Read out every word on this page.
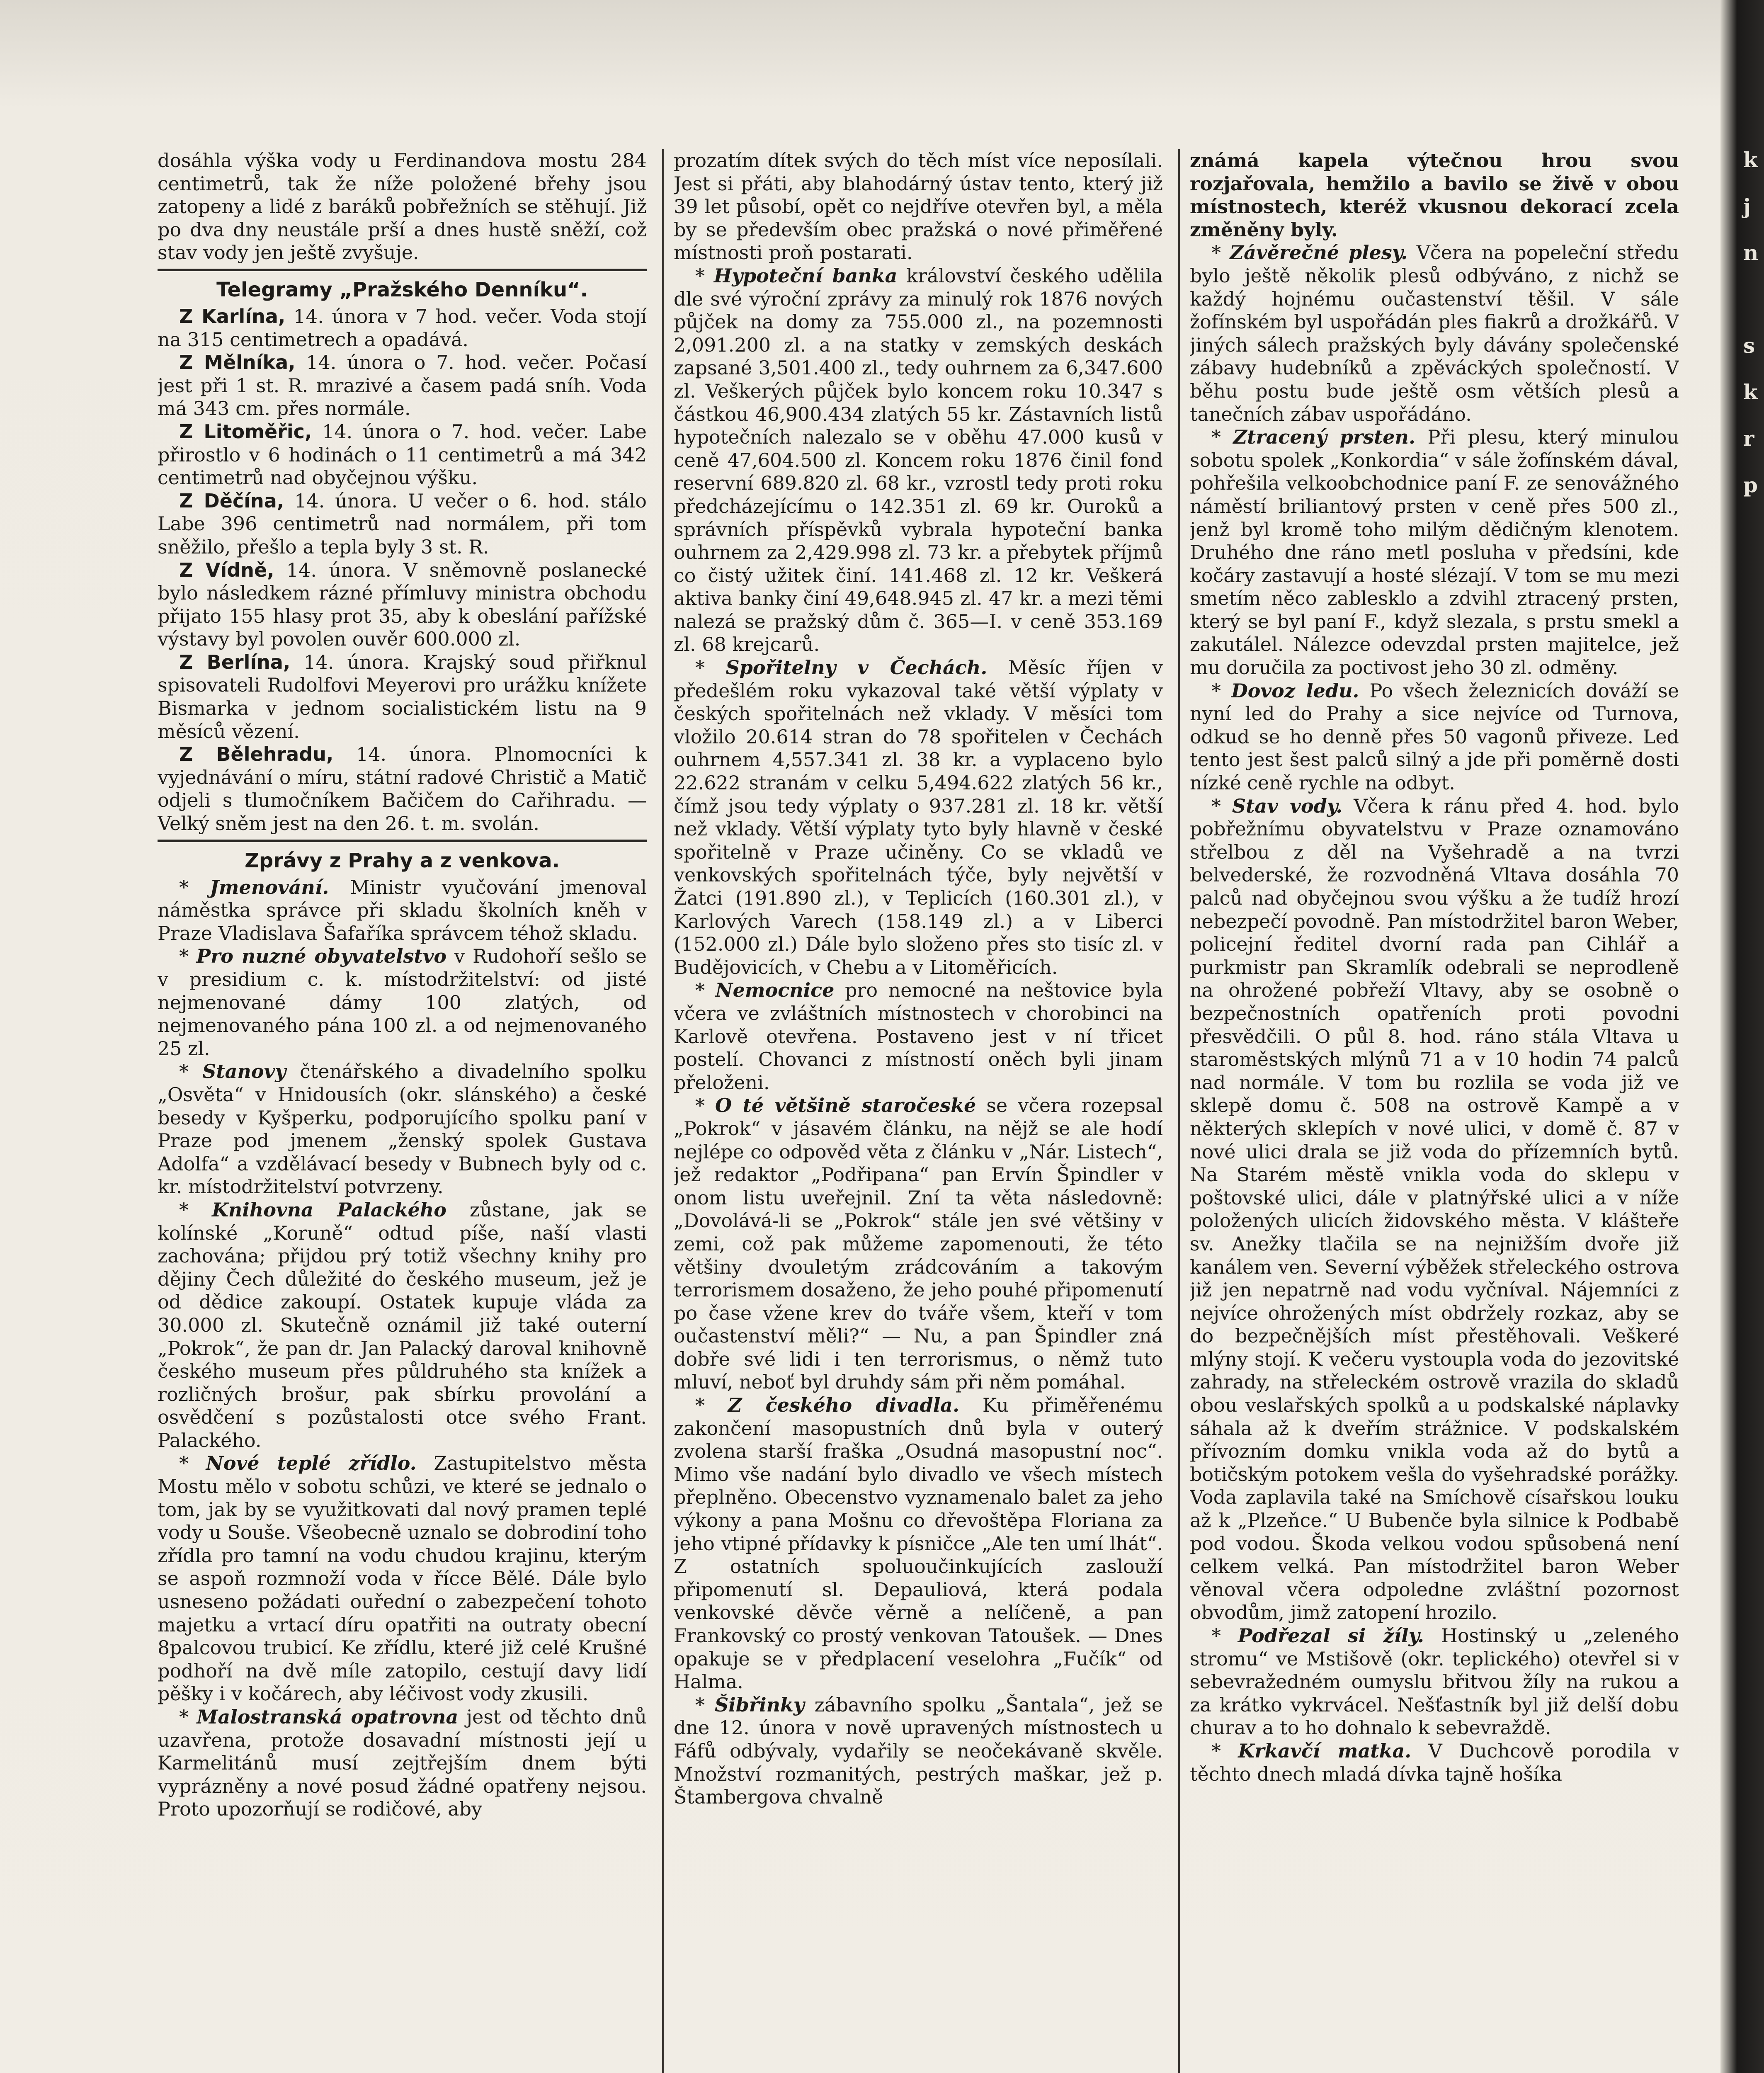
k
j
n
s
k
r
p

dosáhla výška vody u Ferdinandova mostu 284 centimetrů, tak že níže položené břehy jsou zatopeny a lidé z baráků pobřežních se stěhují. Již po dva dny neustále prší a dnes hustě sněží, což stav vody jen ještě zvyšuje.

Telegramy „Pražského Denníku“.

Z Karlína, 14. února v 7 hod. večer. Voda stojí na 315 centimetrech a opadává.

Z Mělníka, 14. února o 7. hod. večer. Počasí jest při 1 st. R. mrazivé a časem padá sníh. Voda má 343 cm. přes normále.

Z Litoměřic, 14. února o 7. hod. večer. Labe přirostlo v 6 hodinách o 11 centimetrů a má 342 centimetrů nad obyčejnou výšku.

Z Děčína, 14. února. U večer o 6. hod. stálo Labe 396 centimetrů nad normálem, při tom sněžilo, přešlo a tepla byly 3 st. R.

Z Vídně, 14. února. V sněmovně poslanecké bylo následkem rázné přímluvy ministra obchodu přijato 155 hlasy prot 35, aby k obeslání pařížské výstavy byl povolen ouvěr 600.000 zl.

Z Berlína, 14. února. Krajský soud přiřknul spisovateli Rudolfovi Meyerovi pro urážku knížete Bismarka v jednom socialistickém listu na 9 měsíců vězení.

Z Bělehradu, 14. února. Plnomocníci k vyjednávání o míru, státní radové Christič a Matič odjeli s tlumočníkem Bačičem do Cařihradu. — Velký sněm jest na den 26. t. m. svolán.

Zprávy z Prahy a z venkova.

* Jmenování. Ministr vyučování jmenoval náměstka správce při skladu školních kněh v Praze Vladislava Šafaříka správcem téhož skladu.

* Pro nuzné obyvatelstvo v Rudohoří sešlo se v presidium c. k. místodržitelství: od jisté nejmenované dámy 100 zlatých, od nejmenovaného pána 100 zl. a od nejmenovaného 25 zl.

* Stanovy čtenářského a divadelního spolku „Osvěta“ v Hnidousích (okr. slánského) a české besedy v Kyšperku, podporujícího spolku paní v Praze pod jmenem „ženský spolek Gustava Adolfa“ a vzdělávací besedy v Bubnech byly od c. kr. místodržitelství potvrzeny.

* Knihovna Palackého zůstane, jak se kolínské „Koruně“ odtud píše, naší vlasti zachována; přijdou prý totiž všechny knihy pro dějiny Čech důležité do českého museum, jež je od dědice zakoupí. Ostatek kupuje vláda za 30.000 zl. Skutečně oznámil již také outerní „Pokrok“, že pan dr. Jan Palacký daroval knihovně českého museum přes půldruhého sta knížek a rozličných brošur, pak sbírku provolání a osvědčení s pozůstalosti otce svého Frant. Palackého.

* Nové teplé zřídlo. Zastupitelstvo města Mostu mělo v sobotu schůzi, ve které se jednalo o tom, jak by se využitkovati dal nový pramen teplé vody u Souše. Všeobecně uznalo se dobrodiní toho zřídla pro tamní na vodu chudou krajinu, kterým se aspoň rozmnoží voda v řícce Bělé. Dále bylo usneseno požádati ouřední o zabezpečení tohoto majetku a vrtací díru opatřiti na outraty obecní 8palcovou trubicí. Ke zřídlu, které již celé Krušné podhoří na dvě míle zatopilo, cestují davy lidí pěšky i v kočárech, aby léčivost vody zkusili.

* Malostranská opatrovna jest od těchto dnů uzavřena, protože dosavadní místnosti její u Karmelitánů musí zejtřejším dnem býti vyprázněny a nové posud žádné opatřeny nejsou. Proto upozorňují se rodičové, aby

prozatím dítek svých do těch míst více neposílali. Jest si přáti, aby blahodárný ústav tento, který již 39 let působí, opět co nejdříve otevřen byl, a měla by se především obec pražská o nové přiměřené místnosti proň postarati.

* Hypoteční banka království českého udělila dle své výroční zprávy za minulý rok 1876 nových půjček na domy za 755.000 zl., na pozemnosti 2,091.200 zl. a na statky v zemských deskách zapsané 3,501.400 zl., tedy ouhrnem za 6,347.600 zl. Veškerých půjček bylo koncem roku 10.347 s částkou 46,900.434 zlatých 55 kr. Zástavních listů hypotečních nalezalo se v oběhu 47.000 kusů v ceně 47,604.500 zl. Koncem roku 1876 činil fond reservní 689.820 zl. 68 kr., vzrostl tedy proti roku předcházejícímu o 142.351 zl. 69 kr. Ouroků a správních příspěvků vybrala hypoteční banka ouhrnem za 2,429.998 zl. 73 kr. a přebytek příjmů co čistý užitek činí. 141.468 zl. 12 kr. Veškerá aktiva banky činí 49,648.945 zl. 47 kr. a mezi těmi nalezá se pražský dům č. 365—I. v ceně 353.169 zl. 68 krejcarů.

* Spořitelny v Čechách. Měsíc říjen v předešlém roku vykazoval také větší výplaty v českých spořitelnách než vklady. V měsíci tom vložilo 20.614 stran do 78 spořitelen v Čechách ouhrnem 4,557.341 zl. 38 kr. a vyplaceno bylo 22.622 stranám v celku 5,494.622 zlatých 56 kr., čímž jsou tedy výplaty o 937.281 zl. 18 kr. větší než vklady. Větší výplaty tyto byly hlavně v české spořitelně v Praze učiněny. Co se vkladů ve venkovských spořitelnách týče, byly největší v Žatci (191.890 zl.), v Teplicích (160.301 zl.), v Karlových Varech (158.149 zl.) a v Liberci (152.000 zl.) Dále bylo složeno přes sto tisíc zl. v Budějovicích, v Chebu a v Litoměřicích.

* Nemocnice pro nemocné na neštovice byla včera ve zvláštních místnostech v chorobinci na Karlově otevřena. Postaveno jest v ní třicet postelí. Chovanci z místností oněch byli jinam přeloženi.

* O té většině staročeské se včera rozepsal „Pokrok“ v jásavém článku, na nějž se ale hodí nejlépe co odpověd věta z článku v „Nár. Listech“, jež redaktor „Podřipana“ pan Ervín Špindler v onom listu uveřejnil. Zní ta věta následovně: „Dovolává-li se „Pokrok“ stále jen své většiny v zemi, což pak můžeme zapomenouti, že této většiny dvouletým zrádcováním a takovým terrorismem dosaženo, že jeho pouhé připomenutí po čase vžene krev do tváře všem, kteří v tom oučastenství měli?“ — Nu, a pan Špindler zná dobře své lidi i ten terrorismus, o němž tuto mluví, neboť byl druhdy sám při něm pomáhal.

* Z českého divadla. Ku přiměřenému zakončení masopustních dnů byla v outerý zvolena starší fraška „Osudná masopustní noc“. Mimo vše nadání bylo divadlo ve všech místech přeplněno. Obecenstvo vyznamenalo balet za jeho výkony a pana Mošnu co dřevoštěpa Floriana za jeho vtipné přídavky k písničce „Ale ten umí lhát“. Z ostatních spoluoučinkujících zaslouží připomenutí sl. Depauliová, která podala venkovské děvče věrně a nelíčeně, a pan Frankovský co prostý venkovan Tatoušek. — Dnes opakuje se v předplacení veselohra „Fučík“ od Halma.

* Šibřinky zábavního spolku „Šantala“, jež se dne 12. února v nově upravených místnostech u Fáfů odbývaly, vydařily se neočekávaně skvěle. Množství rozmanitých, pestrých maškar, jež p. Štambergova chvalně

známá kapela výtečnou hrou svou rozjařovala, hemžilo a bavilo se živě v obou místnostech, kteréž vkusnou dekorací zcela změněny byly.

* Závěrečné plesy. Včera na popeleční středu bylo ještě několik plesů odbýváno, z nichž se každý hojnému oučastenství těšil. V sále žofínském byl uspořádán ples fiakrů a drožkářů. V jiných sálech pražských byly dávány společenské zábavy hudebníků a zpěváckých společností. V běhu postu bude ještě osm větších plesů a tanečních zábav uspořádáno.

* Ztracený prsten. Při plesu, který minulou sobotu spolek „Konkordia“ v sále žofínském dával, pohřešila velkoobchodnice paní F. ze senovážného náměstí briliantový prsten v ceně přes 500 zl., jenž byl kromě toho milým dědičným klenotem. Druhého dne ráno metl posluha v předsíni, kde kočáry zastavují a hosté slézají. V tom se mu mezi smetím něco zablesklo a zdvihl ztracený prsten, který se byl paní F., když slezala, s prstu smekl a zakutálel. Nálezce odevzdal prsten majitelce, jež mu doručila za poctivost jeho 30 zl. odměny.

* Dovoz ledu. Po všech železnicích dováží se nyní led do Prahy a sice nejvíce od Turnova, odkud se ho denně přes 50 vagonů přiveze. Led tento jest šest palců silný a jde při poměrně dosti nízké ceně rychle na odbyt.

* Stav vody. Včera k ránu před 4. hod. bylo pobřežnímu obyvatelstvu v Praze oznamováno střelbou z děl na Vyšehradě a na tvrzi belvederské, že rozvodněná Vltava dosáhla 70 palců nad obyčejnou svou výšku a že tudíž hrozí nebezpečí povodně. Pan místodržitel baron Weber, policejní ředitel dvorní rada pan Cihlář a purkmistr pan Skramlík odebrali se neprodleně na ohrožené pobřeží Vltavy, aby se osobně o bezpečnostních opatřeních proti povodni přesvědčili. O půl 8. hod. ráno stála Vltava u staroměstských mlýnů 71 a v 10 hodin 74 palců nad normále. V tom bu rozlila se voda již ve sklepě domu č. 508 na ostrově Kampě a v některých sklepích v nové ulici, v domě č. 87 v nové ulici drala se již voda do přízemních bytů. Na Starém městě vnikla voda do sklepu v poštovské ulici, dále v platnýřské ulici a v níže položených ulicích židovského města. V klášteře sv. Anežky tlačila se na nejnižším dvoře již kanálem ven. Severní výběžek střeleckého ostrova již jen nepatrně nad vodu vyčníval. Nájemníci z nejvíce ohrožených míst obdržely rozkaz, aby se do bezpečnějších míst přestěhovali. Veškeré mlýny stojí. K večeru vystoupla voda do jezovitské zahrady, na střeleckém ostrově vrazila do skladů obou veslařských spolků a u podskalské náplavky sáhala až k dveřím strážnice. V podskalském přívozním domku vnikla voda až do bytů a botičským potokem vešla do vyšehradské porážky. Voda zaplavila také na Smíchově císařskou louku až k „Plzeňce.“ U Bubenče byla silnice k Podbabě pod vodou. Škoda velkou vodou spůsobená není celkem velká. Pan místodržitel baron Weber věnoval včera odpoledne zvláštní pozornost obvodům, jimž zatopení hrozilo.

* Podřezal si žíly. Hostinský u „zeleného stromu“ ve Mstišově (okr. teplického) otevřel si v sebevražedném oumyslu břitvou žíly na rukou a za krátko vykrvácel. Nešťastník byl již delší dobu churav a to ho dohnalo k sebevraždě.

* Krkavčí matka. V Duchcově porodila v těchto dnech mladá dívka tajně hošíka
